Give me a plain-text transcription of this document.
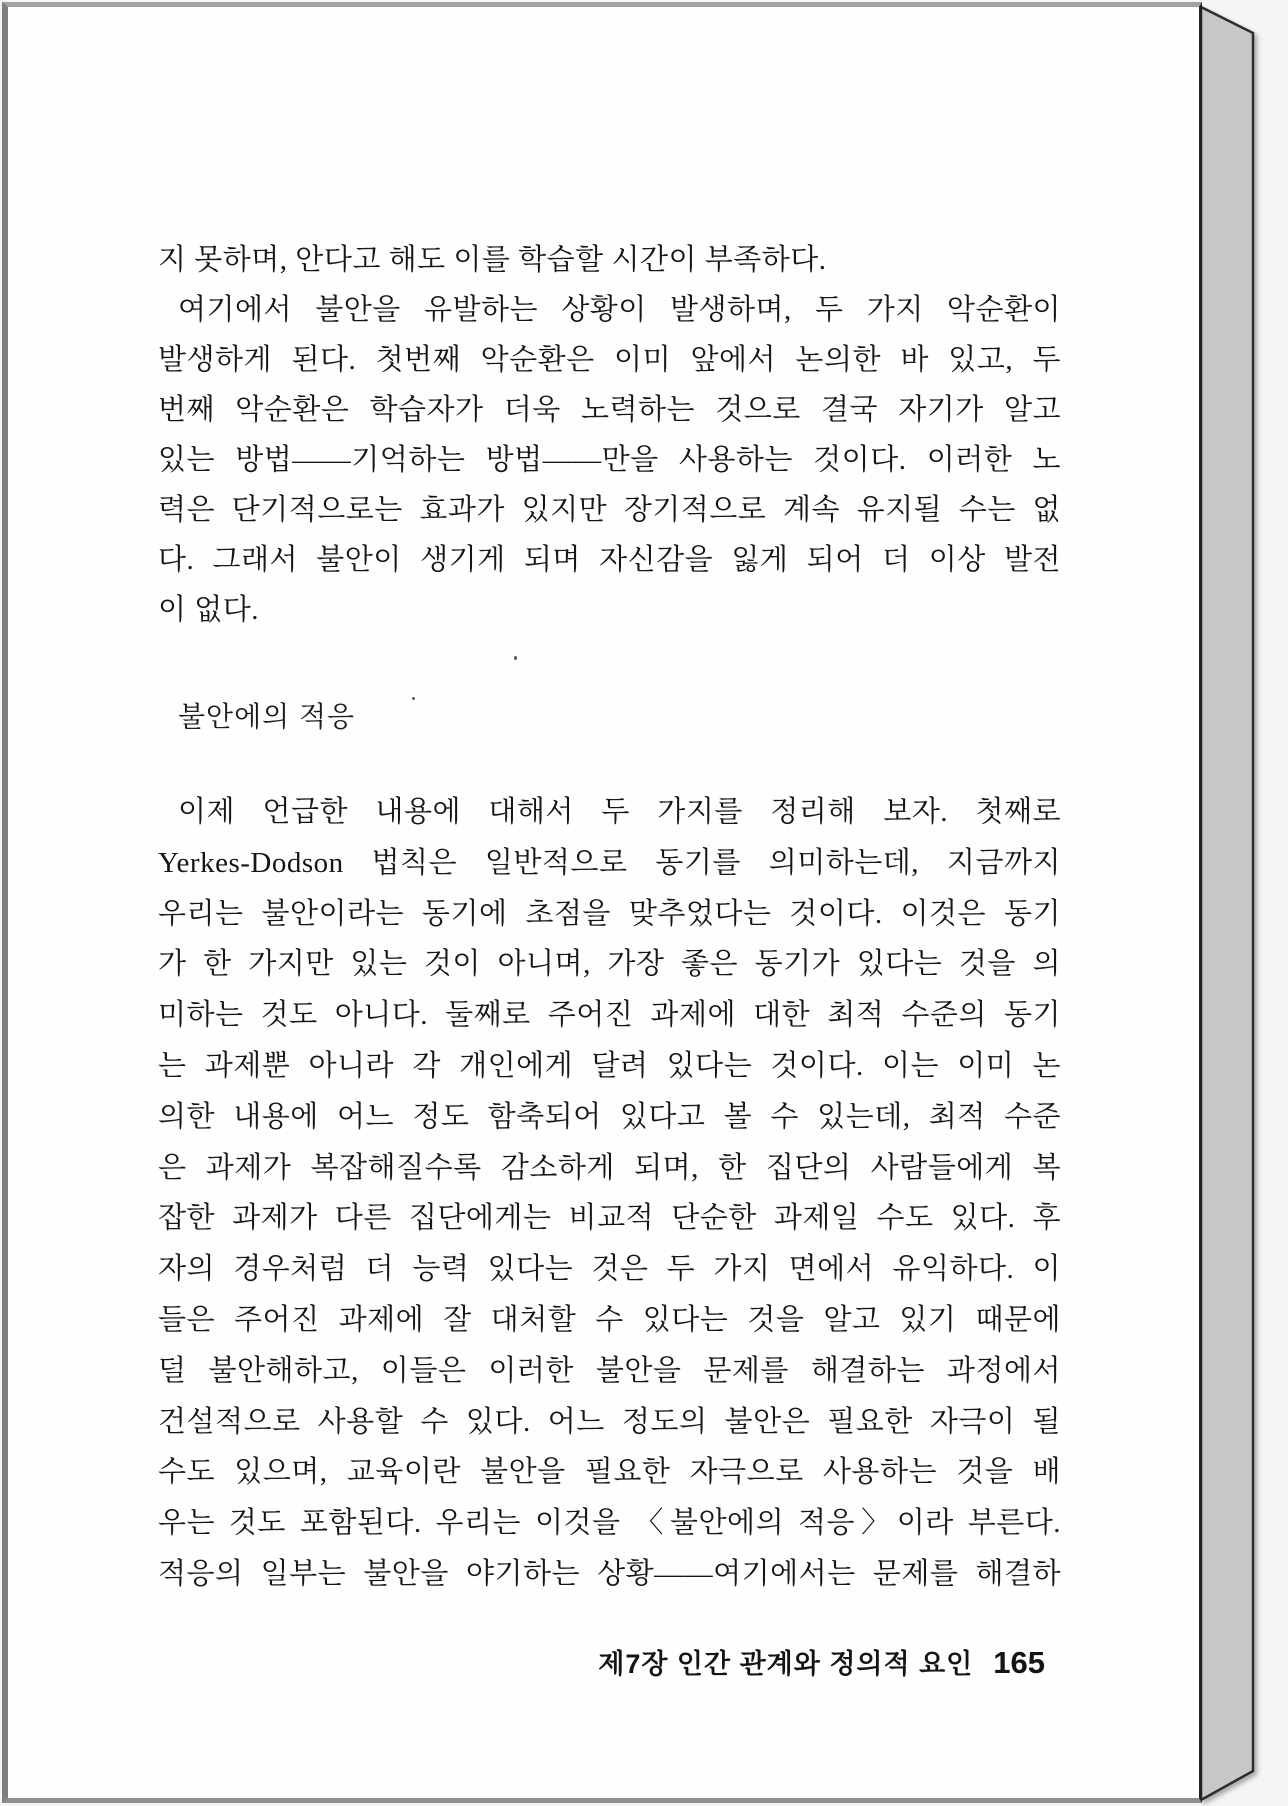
지 못하며, 안다고 해도 이를 학습할 시간이 부족하다.
여기에서 불안을 유발하는 상황이 발생하며, 두 가지 악순환이
발생하게 된다. 첫번째 악순환은 이미 앞에서 논의한 바 있고, 두
번째 악순환은 학습자가 더욱 노력하는 것으로 결국 자기가 알고
있는 방법——기억하는 방법——만을 사용하는 것이다. 이러한 노
력은 단기적으로는 효과가 있지만 장기적으로 계속 유지될 수는 없
다. 그래서 불안이 생기게 되며 자신감을 잃게 되어 더 이상 발전
이 없다.
불안에의 적응
이제 언급한 내용에 대해서 두 가지를 정리해 보자. 첫째로
Yerkes-Dodson 법칙은 일반적으로 동기를 의미하는데, 지금까지
우리는 불안이라는 동기에 초점을 맞추었다는 것이다. 이것은 동기
가 한 가지만 있는 것이 아니며, 가장 좋은 동기가 있다는 것을 의
미하는 것도 아니다. 둘째로 주어진 과제에 대한 최적 수준의 동기
는 과제뿐 아니라 각 개인에게 달려 있다는 것이다. 이는 이미 논
의한 내용에 어느 정도 함축되어 있다고 볼 수 있는데, 최적 수준
은 과제가 복잡해질수록 감소하게 되며, 한 집단의 사람들에게 복
잡한 과제가 다른 집단에게는 비교적 단순한 과제일 수도 있다. 후
자의 경우처럼 더 능력 있다는 것은 두 가지 면에서 유익하다. 이
들은 주어진 과제에 잘 대처할 수 있다는 것을 알고 있기 때문에
덜 불안해하고, 이들은 이러한 불안을 문제를 해결하는 과정에서
건설적으로 사용할 수 있다. 어느 정도의 불안은 필요한 자극이 될
수도 있으며, 교육이란 불안을 필요한 자극으로 사용하는 것을 배
우는 것도 포함된다. 우리는 이것을 〈불안에의 적응〉이라 부른다.
적응의 일부는 불안을 야기하는 상황——여기에서는 문제를 해결하
제7장 인간 관계와 정의적 요인 165
